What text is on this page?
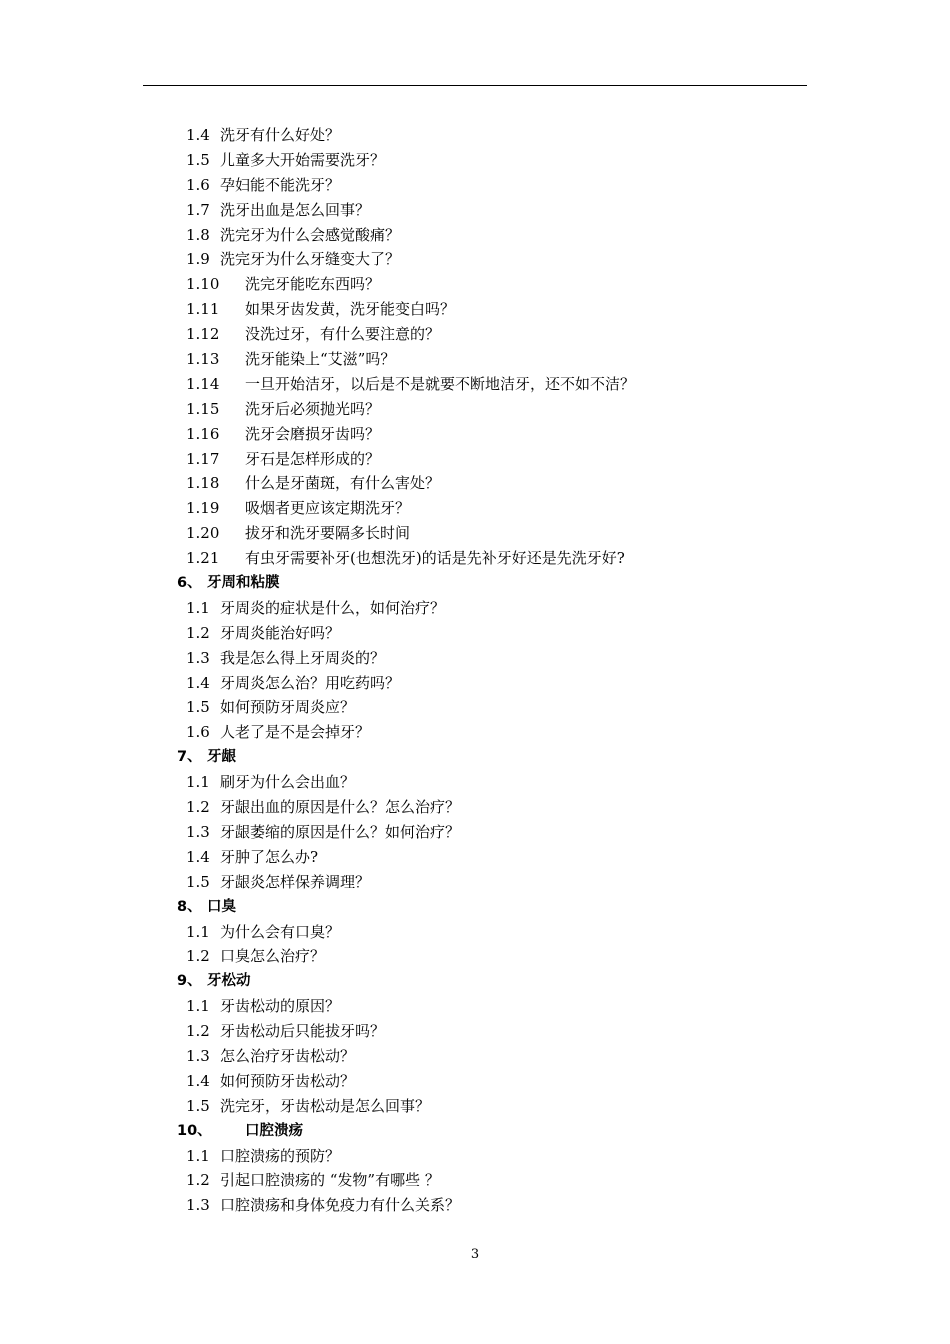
1.4 洗牙有什么好处？
1.5 儿童多大开始需要洗牙？
1.6 孕妇能不能洗牙？
1.7 洗牙出血是怎么回事？
1.8 洗完牙为什么会感觉酸痛？
1.9 洗完牙为什么牙缝变大了？
1.10 洗完牙能吃东西吗？
1.11 如果牙齿发黄，洗牙能变白吗？
1.12 没洗过牙，有什么要注意的？
1.13 洗牙能染上“艾滋”吗？
1.14 一旦开始洁牙，以后是不是就要不断地洁牙，还不如不洁？
1.15 洗牙后必须抛光吗？
1.16 洗牙会磨损牙齿吗？
1.17 牙石是怎样形成的？
1.18 什么是牙菌斑，有什么害处？
1.19 吸烟者更应该定期洗牙？
1.20 拔牙和洗牙要隔多长时间
1.21 有虫牙需要补牙(也想洗牙)的话是先补牙好还是先洗牙好?
6、 牙周和粘膜
1.1 牙周炎的症状是什么，如何治疗？
1.2 牙周炎能治好吗？
1.3 我是怎么得上牙周炎的？
1.4 牙周炎怎么治？用吃药吗？
1.5 如何预防牙周炎应？
1.6 人老了是不是会掉牙？
7、 牙龈
1.1 刷牙为什么会出血？
1.2 牙龈出血的原因是什么？怎么治疗？
1.3 牙龈萎缩的原因是什么？如何治疗？
1.4 牙肿了怎么办?
1.5 牙龈炎怎样保养调理？
8、 口臭
1.1 为什么会有口臭？
1.2 口臭怎么治疗？
9、 牙松动
1.1 牙齿松动的原因？
1.2 牙齿松动后只能拔牙吗？
1.3 怎么治疗牙齿松动？
1.4 如何预防牙齿松动？
1.5 洗完牙，牙齿松动是怎么回事？
10、 口腔溃疡
1.1 口腔溃疡的预防？
1.2 引起口腔溃疡的 “发物”有哪些 ？
1.3 口腔溃疡和身体免疫力有什么关系？
3
